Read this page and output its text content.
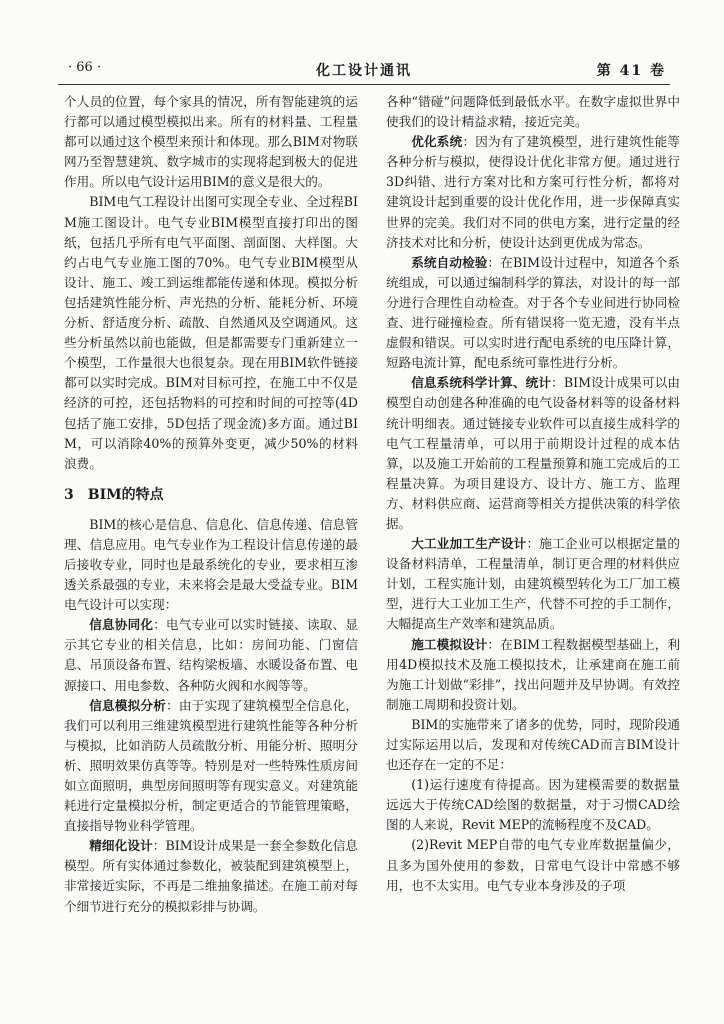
· 66 ·	化工设计通讯	第 41 卷

个人员的位置，每个家具的情况，所有智能建筑的运行都可以通过模型模拟出来。所有的材料量、工程量都可以通过这个模型来预计和体现。那么BIM对物联网乃至智慧建筑、数字城市的实现将起到极大的促进作用。所以电气设计运用BIM的意义是很大的。

BIM电气工程设计出图可实现全专业、全过程BIM施工图设计。电气专业BIM模型直接打印出的图纸，包括几乎所有电气平面图、剖面图、大样图。大约占电气专业施工图的70%。电气专业BIM模型从设计、施工、竣工到运维都能传递和体现。模拟分析包括建筑性能分析、声光热的分析、能耗分析、环境分析、舒适度分析、疏散、自然通风及空调通风。这些分析虽然以前也能做，但是都需要专门重新建立一个模型，工作量很大也很复杂。现在用BIM软件链接都可以实时完成。BIM对目标可控，在施工中不仅是经济的可控，还包括物料的可控和时间的可控等(4D包括了施工安排，5D包括了现金流)多方面。通过BIM，可以消除40%的预算外变更，减少50%的材料浪费。

3 BIM的特点

BIM的核心是信息、信息化、信息传递、信息管理、信息应用。电气专业作为工程设计信息传递的最后接收专业，同时也是最系统化的专业，要求相互渗透关系最强的专业，未来将会是最大受益专业。BIM电气设计可以实现：

信息协同化：电气专业可以实时链接、读取、显示其它专业的相关信息，比如：房间功能、门窗信息、吊顶设备布置、结构梁板墙、水暖设备布置、电源接口、用电参数、各种防火阀和水阀等等。

信息模拟分析：由于实现了建筑模型全信息化，我们可以利用三维建筑模型进行建筑性能等各种分析与模拟，比如消防人员疏散分析、用能分析、照明分析、照明效果仿真等等。特别是对一些特殊性质房间如立面照明，典型房间照明等有现实意义。对建筑能耗进行定量模拟分析，制定更适合的节能管理策略，直接指导物业科学管理。

精细化设计：BIM设计成果是一套全参数化信息模型。所有实体通过参数化，被装配到建筑模型上，非常接近实际，不再是二维抽象描述。在施工前对每个细节进行充分的模拟彩排与协调。

各种“错碰”问题降低到最低水平。在数字虚拟世界中使我们的设计精益求精，接近完美。

优化系统：因为有了建筑模型，进行建筑性能等各种分析与模拟，使得设计优化非常方便。通过进行3D纠错、进行方案对比和方案可行性分析，都将对建筑设计起到重要的设计优化作用，进一步保障真实世界的完美。我们对不同的供电方案，进行定量的经济技术对比和分析，使设计达到更优成为常态。

系统自动检验：在BIM设计过程中，知道各个系统组成，可以通过编制科学的算法，对设计的每一部分进行合理性自动检查。对于各个专业间进行协同检查、进行碰撞检查。所有错误将一览无遗，没有半点虚假和错误。可以实时进行配电系统的电压降计算，短路电流计算，配电系统可靠性进行分析。

信息系统科学计算、统计：BIM设计成果可以由模型自动创建各种准确的电气设备材料等的设备材料统计明细表。通过链接专业软件可以直接生成科学的电气工程量清单，可以用于前期设计过程的成本估算，以及施工开始前的工程量预算和施工完成后的工程量决算。为项目建设方、设计方、施工方、监理方、材料供应商、运营商等相关方提供决策的科学依据。

大工业加工生产设计：施工企业可以根据定量的设备材料清单，工程量清单，制订更合理的材料供应计划，工程实施计划，由建筑模型转化为工厂加工模型，进行大工业加工生产，代替不可控的手工制作，大幅提高生产效率和建筑品质。

施工模拟设计：在BIM工程数据模型基础上，利用4D模拟技术及施工模拟技术，让承建商在施工前为施工计划做“彩排”，找出问题并及早协调。有效控制施工周期和投资计划。

BIM的实施带来了诸多的优势，同时，现阶段通过实际运用以后，发现和对传统CAD而言BIM设计也还存在一定的不足：

(1)运行速度有待提高。因为建模需要的数据量远远大于传统CAD绘图的数据量，对于习惯CAD绘图的人来说，Revit MEP的流畅程度不及CAD。

(2)Revit MEP自带的电气专业库数据量偏少，且多为国外使用的参数，日常电气设计中常感不够用，也不太实用。电气专业本身涉及的子项
